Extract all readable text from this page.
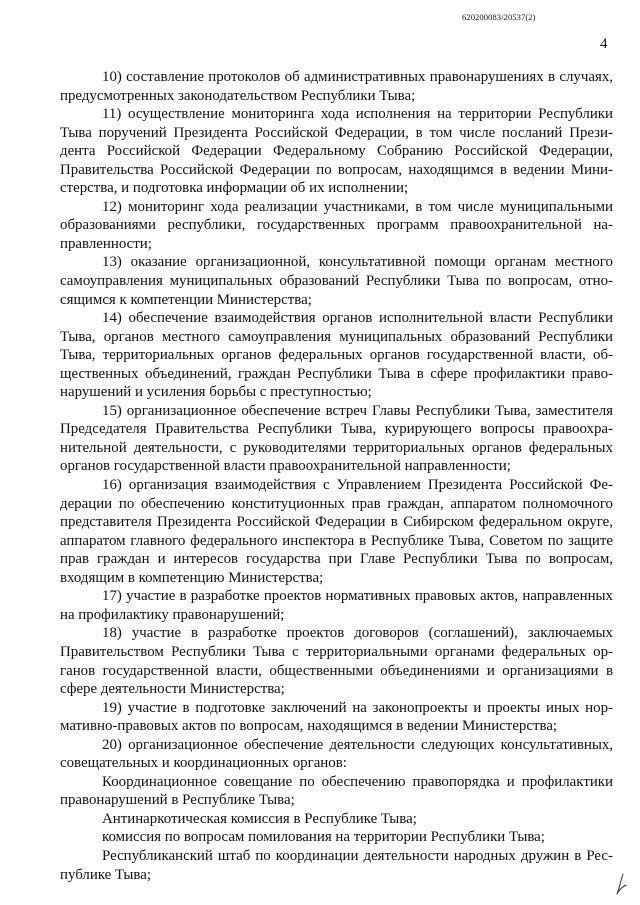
620200083/20537(2)
4

10) составление протоколов об административных правонарушениях в случаях, предусмотренных законодательством Республики Тыва;

11) осуществление мониторинга хода исполнения на территории Республики Тыва поручений Президента Российской Федерации, в том числе посланий Президента Российской Федерации Федеральному Собранию Российской Федерации, Правительства Российской Федерации по вопросам, находящимся в ведении Министерства, и подготовка информации об их исполнении;

12) мониторинг хода реализации участниками, в том числе муниципальными образованиями республики, государственных программ правоохранительной направленности;

13) оказание организационной, консультативной помощи органам местного самоуправления муниципальных образований Республики Тыва по вопросам, относящимся к компетенции Министерства;

14) обеспечение взаимодействия органов исполнительной власти Республики Тыва, органов местного самоуправления муниципальных образований Республики Тыва, территориальных органов федеральных органов государственной власти, общественных объединений, граждан Республики Тыва в сфере профилактики правонарушений и усиления борьбы с преступностью;

15) организационное обеспечение встреч Главы Республики Тыва, заместителя Председателя Правительства Республики Тыва, курирующего вопросы правоохранительной деятельности, с руководителями территориальных органов федеральных органов государственной власти правоохранительной направленности;

16) организация взаимодействия с Управлением Президента Российской Федерации по обеспечению конституционных прав граждан, аппаратом полномочного представителя Президента Российской Федерации в Сибирском федеральном округе, аппаратом главного федерального инспектора в Республике Тыва, Советом по защите прав граждан и интересов государства при Главе Республики Тыва по вопросам, входящим в компетенцию Министерства;

17) участие в разработке проектов нормативных правовых актов, направленных на профилактику правонарушений;

18) участие в разработке проектов договоров (соглашений), заключаемых Правительством Республики Тыва с территориальными органами федеральных органов государственной власти, общественными объединениями и организациями в сфере деятельности Министерства;

19) участие в подготовке заключений на законопроекты и проекты иных нормативно-правовых актов по вопросам, находящимся в ведении Министерства;

20) организационное обеспечение деятельности следующих консультативных, совещательных и координационных органов:

Координационное совещание по обеспечению правопорядка и профилактики правонарушений в Республике Тыва;

Антинаркотическая комиссия в Республике Тыва;

комиссия по вопросам помилования на территории Республики Тыва;

Республиканский штаб по координации деятельности народных дружин в Республике Тыва;
